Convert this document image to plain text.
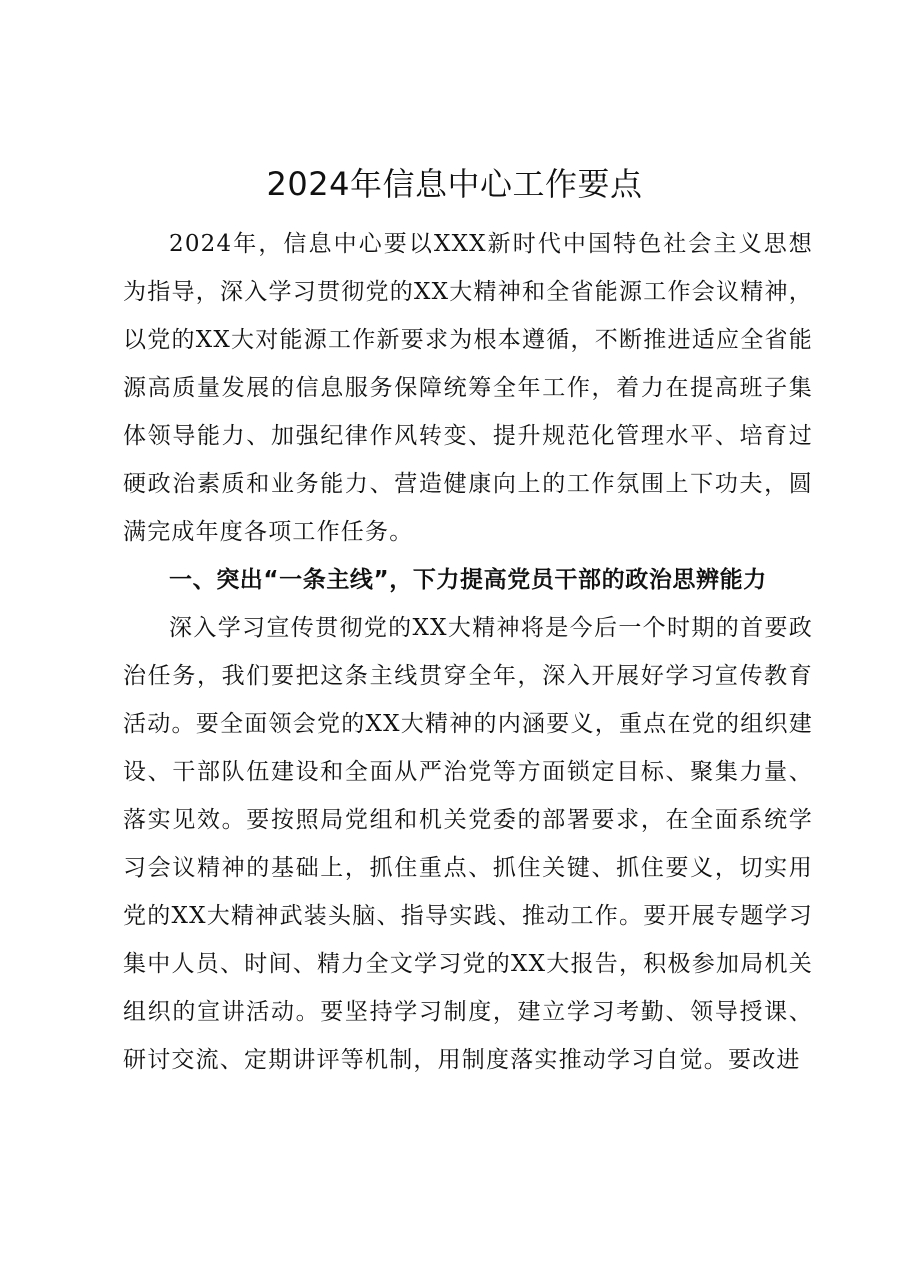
2024年信息中心工作要点

2024年，信息中心要以XXX新时代中国特色社会主义思想为指导，深入学习贯彻党的XX大精神和全省能源工作会议精神，以党的XX大对能源工作新要求为根本遵循，不断推进适应全省能源高质量发展的信息服务保障统筹全年工作，着力在提高班子集体领导能力、加强纪律作风转变、提升规范化管理水平、培育过硬政治素质和业务能力、营造健康向上的工作氛围上下功夫，圆满完成年度各项工作任务。

一、突出“一条主线”，下力提高党员干部的政治思辨能力

深入学习宣传贯彻党的XX大精神将是今后一个时期的首要政治任务，我们要把这条主线贯穿全年，深入开展好学习宣传教育活动。要全面领会党的XX大精神的内涵要义，重点在党的组织建设、干部队伍建设和全面从严治党等方面锁定目标、聚集力量、落实见效。要按照局党组和机关党委的部署要求，在全面系统学习会议精神的基础上，抓住重点、抓住关键、抓住要义，切实用党的XX大精神武装头脑、指导实践、推动工作。要开展专题学习集中人员、时间、精力全文学习党的XX大报告，积极参加局机关组织的宣讲活动。要坚持学习制度，建立学习考勤、领导授课、研讨交流、定期讲评等机制，用制度落实推动学习自觉。要改进
